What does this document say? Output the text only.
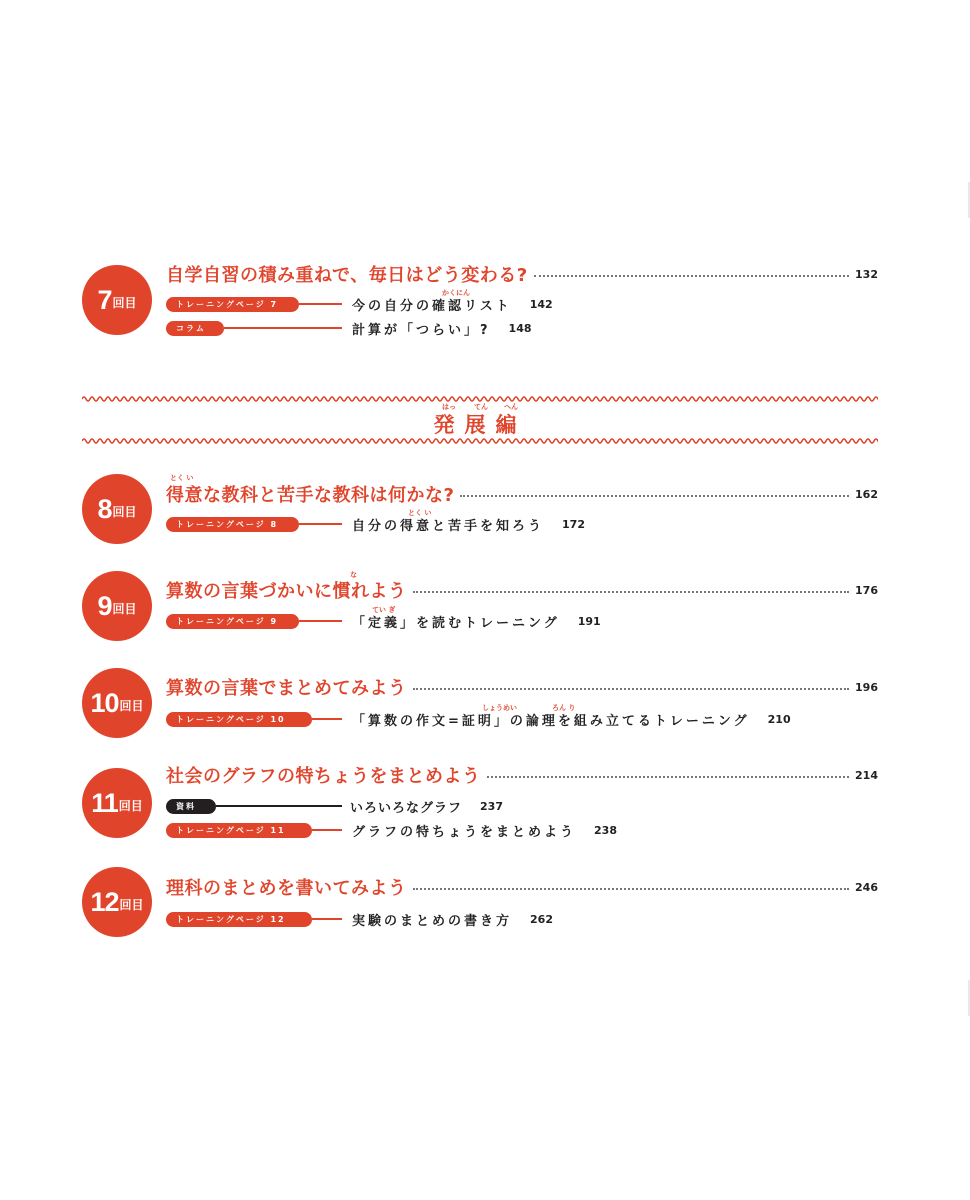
7 回目
自学自習の積み重ねで、毎日はどう変わる?	132
かくにん
トレーニングページ 7	今の自分の確認リスト 142
コラム	計算が「つらい」? 148
はっ	てん へん
発展編
8 回目
とく い
得意な教科と苦手な教科は何かな?	162
とく い
トレーニングページ 8	自分の得意と苦手を知ろう 172
9 回目
な
算数の言葉づかいに慣れよう	176
てい ぎ
トレーニングページ 9	「定義」を読むトレーニング 191
10 回目
算数の言葉でまとめてみよう	196
しょうめい	ろん り
トレーニングページ 10	「算数の作文=証明」の論理を組み立てるトレーニング 210
11 回目
社会のグラフの特ちょうをまとめよう	214
資料	いろいろなグラフ 237
トレーニングページ 11	グラフの特ちょうをまとめよう 238
12 回目
理科のまとめを書いてみよう	246
トレーニングページ 12	実験のまとめの書き方 262
